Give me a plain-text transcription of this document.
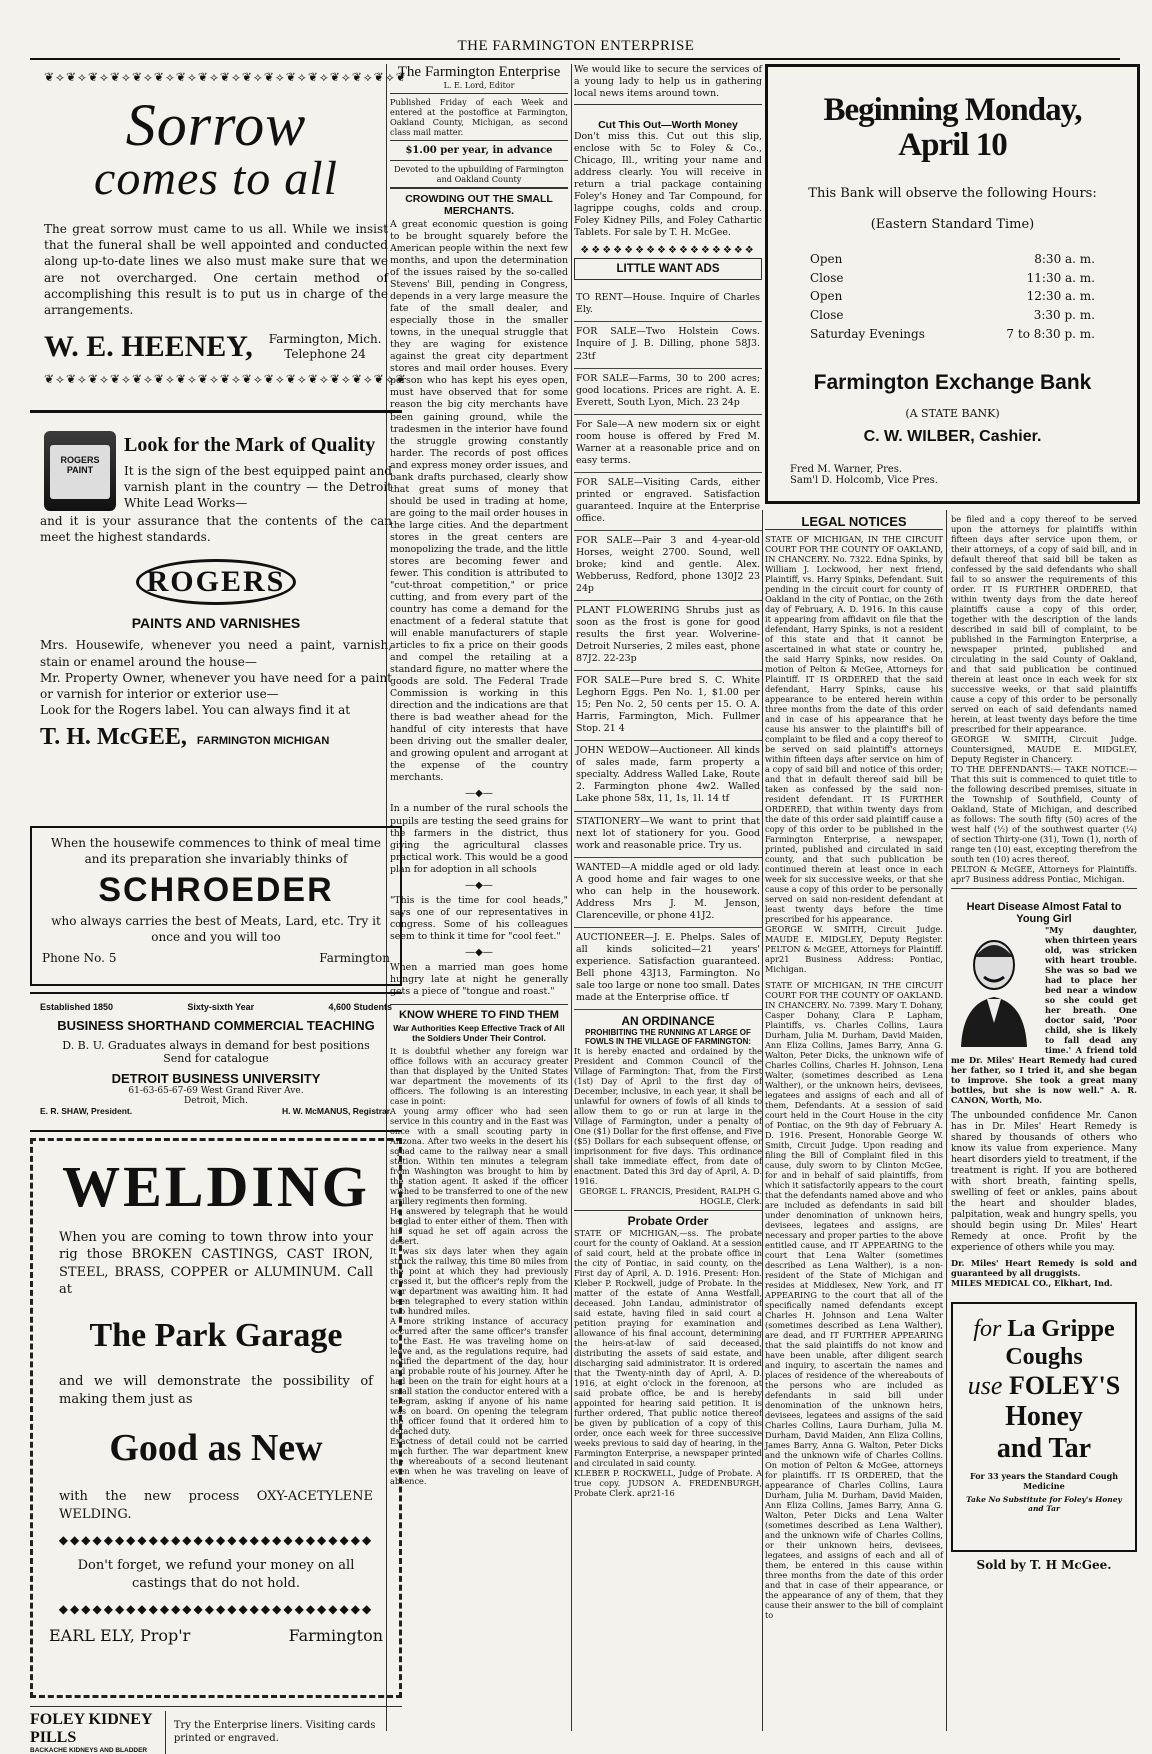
THE FARMINGTON ENTERPRISE
❦⟡❦⟡❦⟡❦⟡❦⟡❦⟡❦⟡❦⟡❦⟡❦⟡❦⟡❦⟡❦⟡❦⟡❦⟡❦⟡❦
Sorrow
comes to all
The great sorrow must came to us all. While we insist that the funeral shall be well appointed and conducted along up-to-date lines we also must make sure that we are not overcharged. One certain method of accomplishing this result is to put us in charge of the arrangements.
W. E. HEENEY, Farmington, Mich.
Telephone 24
❦⟡❦⟡❦⟡❦⟡❦⟡❦⟡❦⟡❦⟡❦⟡❦⟡❦⟡❦⟡❦⟡❦⟡❦⟡❦⟡❦
ROGERS PAINT
Look for the Mark of Quality
It is the sign of the best equipped paint and varnish plant in the country — the Detroit White Lead Works—
and it is your assurance that the contents of the can meet the highest standards.
ROGERS
PAINTS AND VARNISHES
Mrs. Housewife, whenever you need a paint, varnish, stain or enamel around the house—
Mr. Property Owner, whenever you have need for a paint or varnish for interior or exterior use—
Look for the Rogers label. You can always find it at
T. H. McGEE, FARMINGTON MICHIGAN
When the housewife commences to think of meal time and its preparation she invariably thinks of
SCHROEDER
who always carries the best of Meats, Lard, etc. Try it once and you will too
Phone No. 5	Farmington
Established 1850	Sixty-sixth Year	4,600 Students
BUSINESS SHORTHAND COMMERCIAL TEACHING
D. B. U. Graduates always in demand for best positions
Send for catalogue
DETROIT BUSINESS UNIVERSITY
61-63-65-67-69 West Grand River Ave.
Detroit, Mich.
E. R. SHAW, President.	H. W. McMANUS, Registrar.
WELDING
When you are coming to town throw into your rig those BROKEN CASTINGS, CAST IRON, STEEL, BRASS, COPPER or ALUMINUM. Call at
The Park Garage
and we will demonstrate the possibility of making them just as
Good as New
with the new process OXY-ACETYLENE WELDING.
◆◆◆◆◆◆◆◆◆◆◆◆◆◆◆◆◆◆◆◆◆◆◆◆◆◆◆◆
Don't forget, we refund your money on all castings that do not hold.
◆◆◆◆◆◆◆◆◆◆◆◆◆◆◆◆◆◆◆◆◆◆◆◆◆◆◆◆
EARL ELY, Prop'r	Farmington
FOLEY KIDNEY PILLS
BACKACHE KIDNEYS AND BLADDER
Try the Enterprise liners. Visiting cards printed or engraved.
The Farmington Enterprise
L. E. Lord, Editor
Published Friday of each Week and entered at the postoffice at Farmington, Oakland County, Michigan, as second class mail matter.
$1.00 per year, in advance
Devoted to the upbuilding of Farmington and Oakland County
CROWDING OUT THE SMALL MERCHANTS.
A great economic question is going to be brought squarely before the American people within the next few months, and upon the determination of the issues raised by the so-called Stevens' Bill, pending in Congress, depends in a very large measure the fate of the small dealer, and especially those in the smaller towns, in the unequal struggle that they are waging for existence against the great city department stores and mail order houses. Every person who has kept his eyes open, must have observed that for some reason the big city merchants have been gaining ground, while the tradesmen in the interior have found the struggle growing constantly harder. The records of post offices and express money order issues, and bank drafts purchased, clearly show that great sums of money that should be used in trading at home, are going to the mail order houses in the large cities. And the department stores in the great centers are monopolizing the trade, and the little stores are becoming fewer and fewer. This condition is attributed to "cut-throat competition," or price cutting, and from every part of the country has come a demand for the enactment of a federal statute that will enable manufacturers of staple articles to fix a price on their goods and compel the retailing at a standard figure, no matter where the goods are sold. The Federal Trade Commission is working in this direction and the indications are that there is bad weather ahead for the handful of city interests that have been driving out the smaller dealer, and growing opulent and arrogant at the expense of the country merchants.
—◆—
In a number of the rural schools the pupils are testing the seed grains for the farmers in the district, thus giving the agricultural classes practical work. This would be a good plan for adoption in all schools
—◆—
"This is the time for cool heads," says one of our representatives in congress. Some of his colleagues seem to think it time for "cool feet."
—◆—
When a married man goes home hungry late at night he generally gets a piece of "tongue and roast."
KNOW WHERE TO FIND THEM
War Authorities Keep Effective Track of All the Soldiers Under Their Control.
It is doubtful whether any foreign war office follows with an accuracy greater than that displayed by the United States war department the movements of its officers. The following is an interesting case in point:
A young army officer who had seen service in this country and in the East was once with a small scouting party in Arizona. After two weeks in the desert his squad came to the railway near a small station. Within ten minutes a telegram from Washington was brought to him by the station agent. It asked if the officer wished to be transferred to one of the new artillery regiments then forming.
He answered by telegraph that he would be glad to enter either of them. Then with his squad he set off again across the desert.
It was six days later when they again struck the railway, this time 80 miles from the point at which they had previously crossed it, but the officer's reply from the war department was awaiting him. It had been telegraphed to every station within two hundred miles.
A more striking instance of accuracy occurred after the same officer's transfer to the East. He was traveling home on leave and, as the regulations require, had notified the department of the day, hour and probable route of his journey. After he had been on the train for eight hours at a small station the conductor entered with a telegram, asking if anyone of his name was on board. On opening the telegram the officer found that it ordered him to detached duty.
Exactness of detail could not be carried much further. The war department knew the whereabouts of a second lieutenant even when he was traveling on leave of absence.
We would like to secure the services of a young lady to help us in gathering local news items around town.
Cut This Out—Worth Money
Don't miss this. Cut out this slip, enclose with 5c to Foley & Co., Chicago, Ill., writing your name and address clearly. You will receive in return a trial package containing Foley's Honey and Tar Compound, for lagrippe coughs, colds and croup. Foley Kidney Pills, and Foley Cathartic Tablets. For sale by T. H. McGee.
❖❖❖❖❖❖❖❖❖❖❖❖❖❖❖❖
LITTLE WANT ADS
TO RENT—House. Inquire of Charles Ely.
FOR SALE—Two Holstein Cows. Inquire of J. B. Dilling, phone 58J3. 23tf
FOR SALE—Farms, 30 to 200 acres; good locations. Prices are right. A. E. Everett, South Lyon, Mich. 23 24p
For Sale—A new modern six or eight room house is offered by Fred M. Warner at a reasonable price and on easy terms.
FOR SALE—Visiting Cards, either printed or engraved. Satisfaction guaranteed. Inquire at the Enterprise office.
FOR SALE—Pair 3 and 4-year-old Horses, weight 2700. Sound, well broke; kind and gentle. Alex. Webberuss, Redford, phone 130J2 23 24p
PLANT FLOWERING Shrubs just as soon as the frost is gone for good results the first year. Wolverine-Detroit Nurseries, 2 miles east, phone 87J2. 22-23p
FOR SALE—Pure bred S. C. White Leghorn Eggs. Pen No. 1, $1.00 per 15; Pen No. 2, 50 cents per 15. O. A. Harris, Farmington, Mich. Fullmer Stop. 21 4
JOHN WEDOW—Auctioneer. All kinds of sales made, farm property a specialty. Address Walled Lake, Route 2. Farmington phone 4w2. Walled Lake phone 58x, 11, 1s, 1l. 14 tf
STATIONERY—We want to print that next lot of stationery for you. Good work and reasonable price. Try us.
WANTED—A middle aged or old lady. A good home and fair wages to one who can help in the housework. Address Mrs J. M. Jenson, Clarenceville, or phone 41J2.
AUCTIONEER—J. E. Phelps. Sales of all kinds solicited—21 years' experience. Satisfaction guaranteed. Bell phone 43J13, Farmington. No sale too large or none too small. Dates made at the Enterprise office. tf
AN ORDINANCE
PROHIBITING THE RUNNING AT LARGE OF FOWLS IN THE VILLAGE OF FARMINGTON:
It is hereby enacted and ordained by the President and Common Council of the Village of Farmington: That, from the First (1st) Day of April to the first day of December, inclusive, in each year, it shall be unlawful for owners of fowls of all kinds to allow them to go or run at large in the Village of Farmington, under a penalty of One ($1) Dollar for the first offense, and Five ($5) Dollars for each subsequent offense, or imprisonment for five days. This ordinance shall take immediate effect, from date of enactment. Dated this 3rd day of April, A. D. 1916.
GEORGE L. FRANCIS, President, RALPH G. HOGLE, Clerk.
Probate Order
STATE OF MICHIGAN,—ss. The probate court for the county of Oakland. At a session of said court, held at the probate office in the city of Pontiac, in said county, on the First day of April, A. D. 1916. Present: Hon. Kleber P. Rockwell, judge of Probate. In the matter of the estate of Anna Westfall, deceased. John Landau, administrator of said estate, having filed in said court a petition praying for examination and allowance of his final account, determining the heirs-at-law of said deceased, distributing the assets of said estate, and discharging said administrator. It is ordered that the Twenty-ninth day of April, A. D. 1916, at eight o'clock in the forenoon, at said probate office, be and is hereby appointed for hearing said petition. It is further ordered, That public notice thereof be given by publication of a copy of this order, once each week for three successive weeks previous to said day of hearing, in the Farmington Enterprise, a newspaper printed and circulated in said county.
KLEBER P. ROCKWELL, Judge of Probate. A true copy. JUDSON A. FREDENBURGH, Probate Clerk. apr21-16
Beginning Monday, April 10
This Bank will observe the following Hours:
(Eastern Standard Time)
Open	8:30 a. m.
Close	11:30 a. m.
Open	12:30 a. m.
Close	3:30 p. m.
Saturday Evenings	7 to 8:30 p. m.
Farmington Exchange Bank
(A STATE BANK)
C. W. WILBER, Cashier.
Fred M. Warner, Pres.
Sam'l D. Holcomb, Vice Pres.
LEGAL NOTICES
STATE OF MICHIGAN, IN THE CIRCUIT COURT FOR THE COUNTY OF OAKLAND, IN CHANCERY. No. 7322. Edna Spinks, by William J. Lockwood, her next friend, Plaintiff, vs. Harry Spinks, Defendant. Suit pending in the circuit court for county of Oakland in the city of Pontiac, on the 26th day of February, A. D. 1916. In this cause it appearing from affidavit on file that the defendant, Harry Spinks, is not a resident of this state and that it cannot be ascertained in what state or country he, the said Harry Spinks, now resides. On motion of Pelton & McGee, Attorneys for Plaintiff. IT IS ORDERED that the said defendant, Harry Spinks, cause his appearance to be entered herein within three months from the date of this order and in case of his appearance that he cause his answer to the plaintiff's bill of complaint to be filed and a copy thereof to be served on said plaintiff's attorneys within fifteen days after service on him of a copy of said bill and notice of this order; and that in default thereof said bill be taken as confessed by the said non-resident defendant. IT IS FURTHER ORDERED, that within twenty days from the date of this order said plaintiff cause a copy of this order to be published in the Farmington Enterprise, a newspaper, printed, published and circulated in said county, and that such publication be continued therein at least once in each week for six successive weeks, or that she cause a copy of this order to be personally served on said non-resident defendant at least twenty days before the time prescribed for his appearance.
GEORGE W. SMITH, Circuit Judge. MAUDE E. MIDGLEY, Deputy Register. PELTON & McGEE, Attorneys for Plaintiff. apr21 Business Address: Pontiac, Michigan.
STATE OF MICHIGAN, IN THE CIRCUIT COURT FOR THE COUNTY OF OAKLAND. IN CHANCERY. No. 7399. Mary T. Dohany, Casper Dohany, Clara P. Lapham, Plaintiffs, vs. Charles Collins, Laura Durham, Julia M. Durham, David Maiden, Ann Eliza Collins, James Barry, Anna G. Walton, Peter Dicks, the unknown wife of Charles Collins, Charles H. Johnson, Lena Walter, (sometimes described as Lena Walther), or the unknown heirs, devisees, legatees and assigns of each and all of them, Defendants. At a session of said court held in the Court House in the city of Pontiac, on the 9th day of February A. D. 1916. Present, Honorable George W. Smith, Circuit Judge. Upon reading and filing the Bill of Complaint filed in this cause, duly sworn to by Clinton McGee, for and in behalf of said plaintiffs, from which it satisfactorily appears to the court that the defendants named above and who are included as defendants in said bill under denomination of unknown heirs, devisees, legatees and assigns, are necessary and proper parties to the above entitled cause, and IT APPEARING to the court that Lena Walter (sometimes described as Lena Walther), is a non-resident of the State of Michigan and resides at Middlesex, New York, and IT APPEARING to the court that all of the specifically named defendants except Charles H. Johnson and Lena Walter (sometimes described as Lena Walther), are dead, and IT FURTHER APPEARING that the said plaintiffs do not know and have been unable, after diligent search and inquiry, to ascertain the names and places of residence of the whereabouts of the persons who are included as defendants in said bill under denomination of the unknown heirs, devisees, legatees and assigns of the said Charles Collins, Laura Durham, Julia M. Durham, David Maiden, Ann Eliza Collins, James Barry, Anna G. Walton, Peter Dicks and the unknown wife of Charles Collins. On motion of Pelton & McGee, attorneys for plaintiffs. IT IS ORDERED, that the appearance of Charles Collins, Laura Durham, Julia M. Durham, David Maiden, Ann Eliza Collins, James Barry, Anna G. Walton, Peter Dicks and Lena Walter (sometimes described as Lena Walther), and the unknown wife of Charles Collins, or their unknown heirs, devisees, legatees, and assigns of each and all of them, be entered in this cause within three months from the date of this order and that in case of their appearance, or the appearance of any of them, that they cause their answer to the bill of complaint to
be filed and a copy thereof to be served upon the attorneys for plaintiffs within fifteen days after service upon them, or their attorneys, of a copy of said bill, and in default thereof that said bill be taken as confessed by the said defendants who shall fail to so answer the requirements of this order. IT IS FURTHER ORDERED, that within twenty days from the date hereof plaintiffs cause a copy of this order, together with the description of the lands described in said bill of complaint, to be published in the Farmington Enterprise, a newspaper printed, published and circulating in the said County of Oakland, and that said publication be continued therein at least once in each week for six successive weeks, or that said plaintiffs cause a copy of this order to be personally served on each of said defendants named herein, at least twenty days before the time prescribed for their appearance.
GEORGE W. SMITH, Circuit Judge. Countersigned, MAUDE E. MIDGLEY, Deputy Register in Chancery.
TO THE DEFENDANTS:— TAKE NOTICE:—That this suit is commenced to quiet title to the following described premises, situate in the Township of Southfield, County of Oakland, State of Michigan, and described as follows: The south fifty (50) acres of the west half (½) of the southwest quarter (¼) of section Thirty-one (31), Town (1), north of range ten (10) east, excepting therefrom the south ten (10) acres thereof.
PELTON & McGEE, Attorneys for Plaintiffs. apr7 Business address Pontiac, Michigan.
Heart Disease Almost Fatal to Young Girl
"My daughter, when thirteen years old, was stricken with heart trouble. She was so bad we had to place her bed near a window so she could get her breath. One doctor said, 'Poor child, she is likely to fall dead any time.' A friend told me Dr. Miles' Heart Remedy had cured her father, so I tried it, and she began to improve. She took a great many bottles, but she is now well." A. R. CANON, Worth, Mo.
The unbounded confidence Mr. Canon has in Dr. Miles' Heart Remedy is shared by thousands of others who know its value from experience. Many heart disorders yield to treatment, if the treatment is right. If you are bothered with short breath, fainting spells, swelling of feet or ankles, pains about the heart and shoulder blades, palpitation, weak and hungry spells, you should begin using Dr. Miles' Heart Remedy at once. Profit by the experience of others while you may.
Dr. Miles' Heart Remedy is sold and guaranteed by all druggists.
MILES MEDICAL CO., Elkhart, Ind.
for La Grippe
Coughs
use FOLEY'S
Honey
and Tar
For 33 years the Standard Cough Medicine
Take No Substitute for Foley's Honey and Tar
Sold by T. H McGee.
